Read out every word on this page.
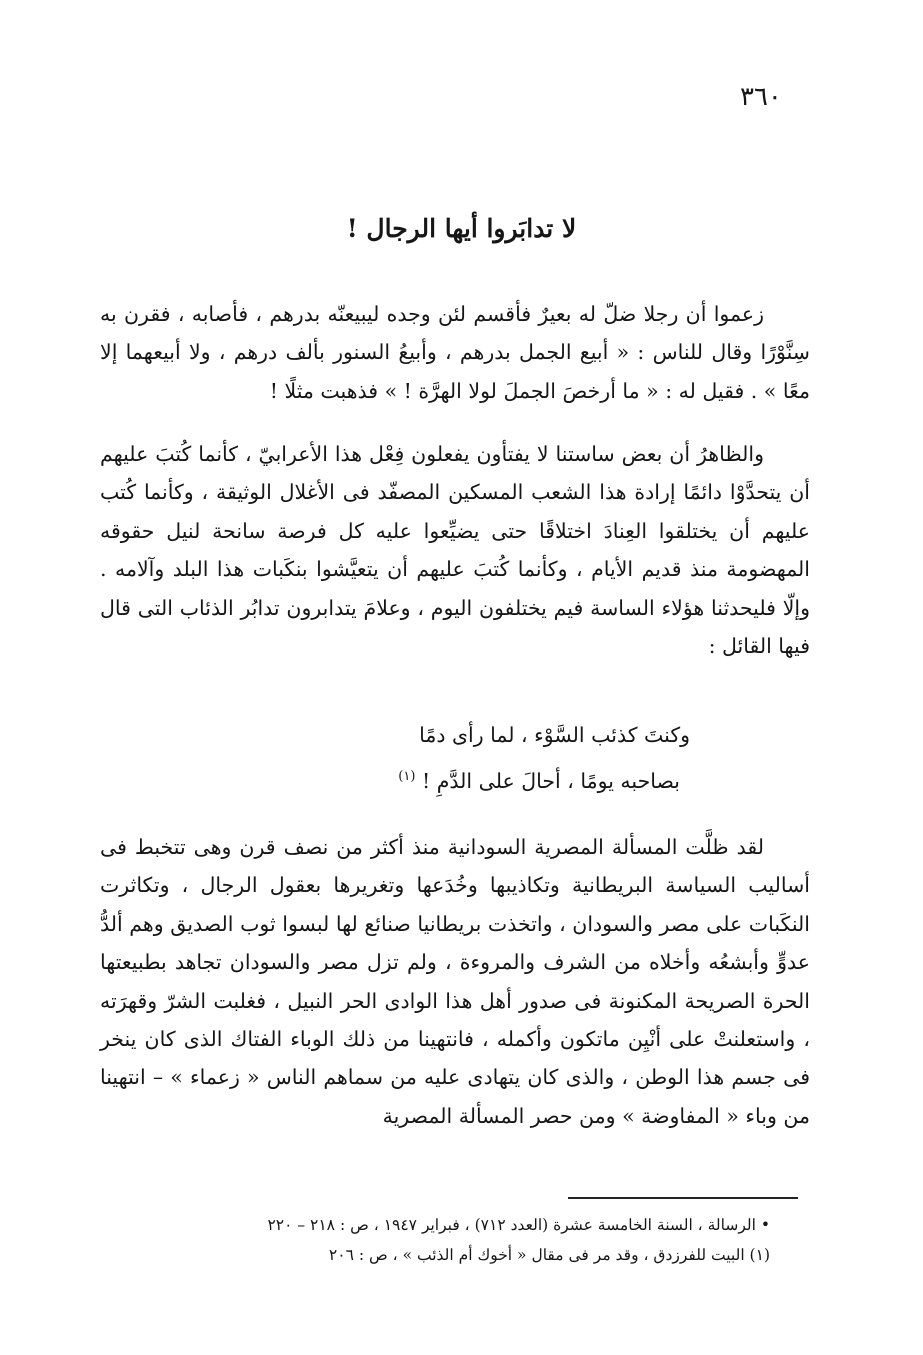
٣٦٠
لا تدابَروا أيها الرجال !

زعموا أن رجلا ضلّ له بعيرٌ فأقسم لئن وجده ليبيعنّه بدرهم ، فأصابه ، فقرن به سِنَّوْرًا وقال للناس : « أبيع الجمل بدرهم ، وأبيعُ السنور بألف درهم ، ولا أبيعهما إلا معًا » . فقيل له : « ما أرخصَ الجملَ لولا الهرَّة ! » فذهبت مثلًا !

والظاهرُ أن بعض ساستنا لا يفتأون يفعلون فِعْل هذا الأعرابيّ ، كأنما كُتبَ عليهم أن يتحدَّوْا دائمًا إرادة هذا الشعب المسكين المصفّد فى الأغلال الوثيقة ، وكأنما كُتب عليهم أن يختلقوا العِنادَ اختلاقًا حتى يضيِّعوا عليه كل فرصة سانحة لنيل حقوقه المهضومة منذ قديم الأيام ، وكأنما كُتبَ عليهم أن يتعيَّشوا بنكَبات هذا البلد وآلامه . وإلّا فليحدثنا هؤلاء الساسة فيم يختلفون اليوم ، وعلامَ يتدابرون تدابُر الذئاب التى قال فيها القائل :

وكنتَ كذئب السَّوْء ، لما رأى دمًا
بصاحبه يومًا ، أحالَ على الدَّمِ ! $^{(١)}$

لقد ظلَّت المسألة المصرية السودانية منذ أكثر من نصف قرن وهى تتخبط فى أساليب السياسة البريطانية وتكاذيبها وخُدَعها وتغريرها بعقول الرجال ، وتكاثرت النكَبات على مصر والسودان ، واتخذت بريطانيا صنائع لها لبسوا ثوب الصديق وهم ألدُّ عدوٍّ وأبشعُه وأخلاه من الشرف والمروءة ، ولم تزل مصر والسودان تجاهد بطبيعتها الحرة الصريحة المكنونة فى صدور أهل هذا الوادى الحر النبيل ، فغلبت الشرّ وقهرَته ، واستعلنتْ على أنْيِن ماتكون وأكمله ، فانتهينا من ذلك الوباء الفتاك الذى كان ينخر فى جسم هذا الوطن ، والذى كان يتهادى عليه من سماهم الناس « زعماء » – انتهينا من وباء « المفاوضة » ومن حصر المسألة المصرية

• الرسالة ، السنة الخامسة عشرة (العدد ٧١٢) ، فبراير ١٩٤٧ ، ص : ٢١٨ – ٢٢٠
(١) البيت للفرزدق ، وقد مر فى مقال « أخوك أم الذئب » ، ص : ٢٠٦
